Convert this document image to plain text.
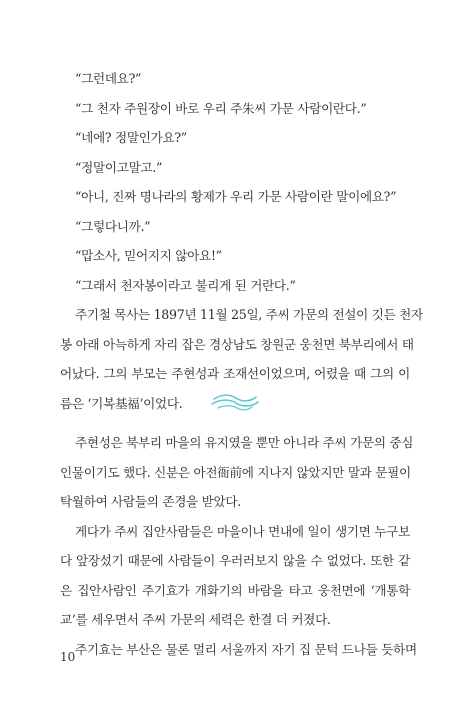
“그런데요?”

“그 천자 주원장이 바로 우리 주朱씨 가문 사람이란다.”

“네에? 정말인가요?”

“정말이고말고.”

“아니, 진짜 명나라의 황제가 우리 가문 사람이란 말이에요?”

“그렇다니까.”

“맙소사, 믿어지지 않아요!”

“그래서 천자봉이라고 불리게 된 거란다.”

주기철 목사는 1897년 11월 25일, 주씨 가문의 전설이 깃든 천자
봉 아래 아늑하게 자리 잡은 경상남도 창원군 웅천면 북부리에서 태
어났다. 그의 부모는 주현성과 조재선이었으며, 어렸을 때 그의 이
름은 ‘기복基福’이었다.
주현성은 북부리 마을의 유지였을 뿐만 아니라 주씨 가문의 중심
인물이기도 했다. 신분은 아전衙前에 지나지 않았지만 말과 문필이
탁월하여 사람들의 존경을 받았다.
게다가 주씨 집안사람들은 마을이나 면내에 일이 생기면 누구보
다 앞장섰기 때문에 사람들이 우러러보지 않을 수 없었다. 또한 같
은 집안사람인 주기효가 개화기의 바람을 타고 웅천면에 ‘개통학
교’를 세우면서 주씨 가문의 세력은 한결 더 커졌다.
주기효는 부산은 물론 멀리 서울까지 자기 집 문턱 드나들 듯하며
10
